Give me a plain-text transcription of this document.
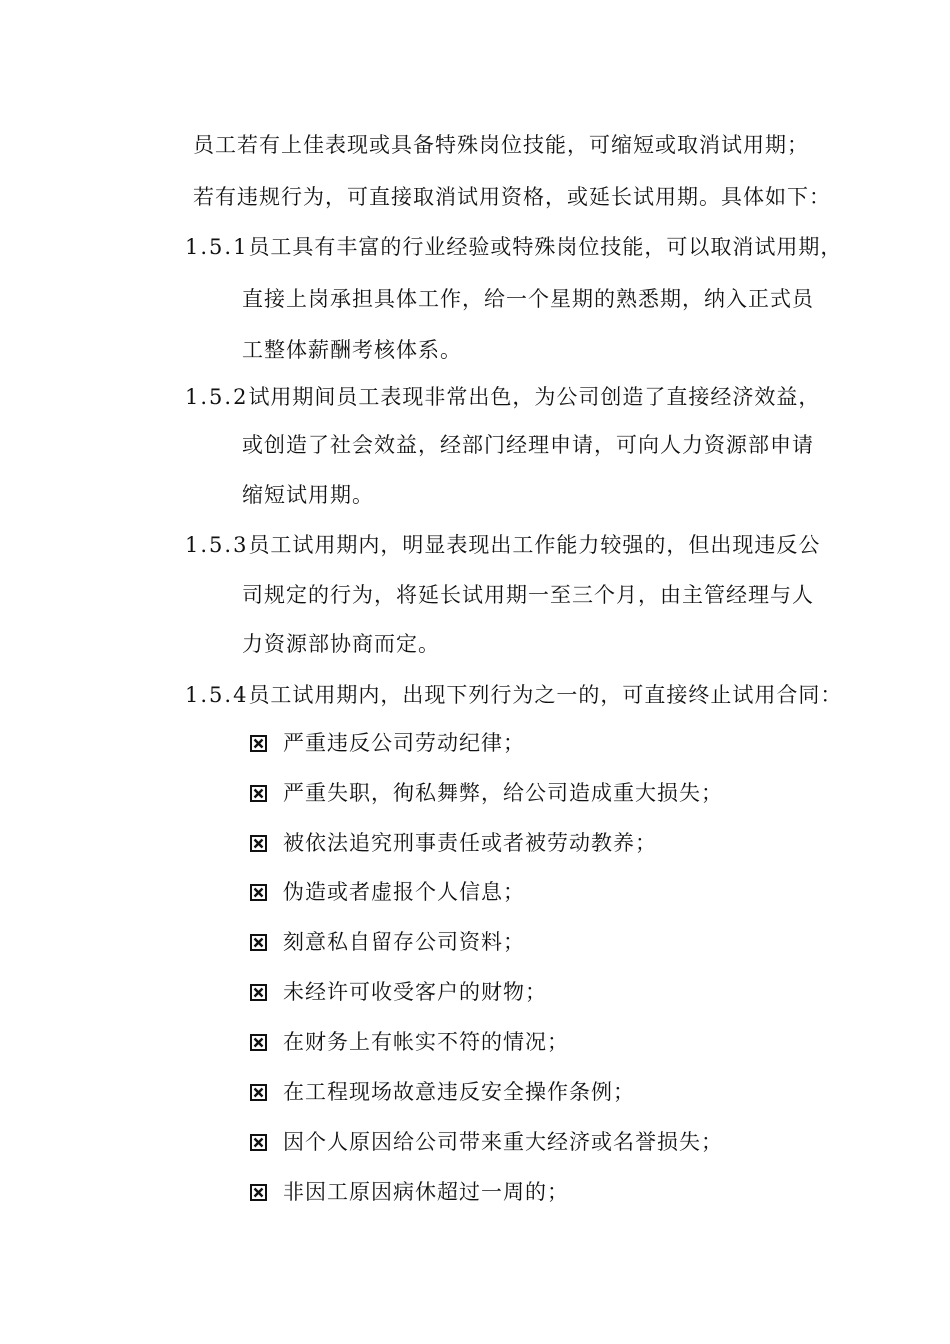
员工若有上佳表现或具备特殊岗位技能，可缩短或取消试用期；
若有违规行为，可直接取消试用资格，或延长试用期。具体如下：
1.5.1员工具有丰富的行业经验或特殊岗位技能，可以取消试用期，
直接上岗承担具体工作，给一个星期的熟悉期，纳入正式员
工整体薪酬考核体系。
1.5.2试用期间员工表现非常出色，为公司创造了直接经济效益，
或创造了社会效益，经部门经理申请，可向人力资源部申请
缩短试用期。
1.5.3员工试用期内，明显表现出工作能力较强的，但出现违反公
司规定的行为，将延长试用期一至三个月，由主管经理与人
力资源部协商而定。
1.5.4员工试用期内，出现下列行为之一的，可直接终止试用合同：
严重违反公司劳动纪律；
严重失职，徇私舞弊，给公司造成重大损失；
被依法追究刑事责任或者被劳动教养；
伪造或者虚报个人信息；
刻意私自留存公司资料；
未经许可收受客户的财物；
在财务上有帐实不符的情况；
在工程现场故意违反安全操作条例；
因个人原因给公司带来重大经济或名誉损失；
非因工原因病休超过一周的；
